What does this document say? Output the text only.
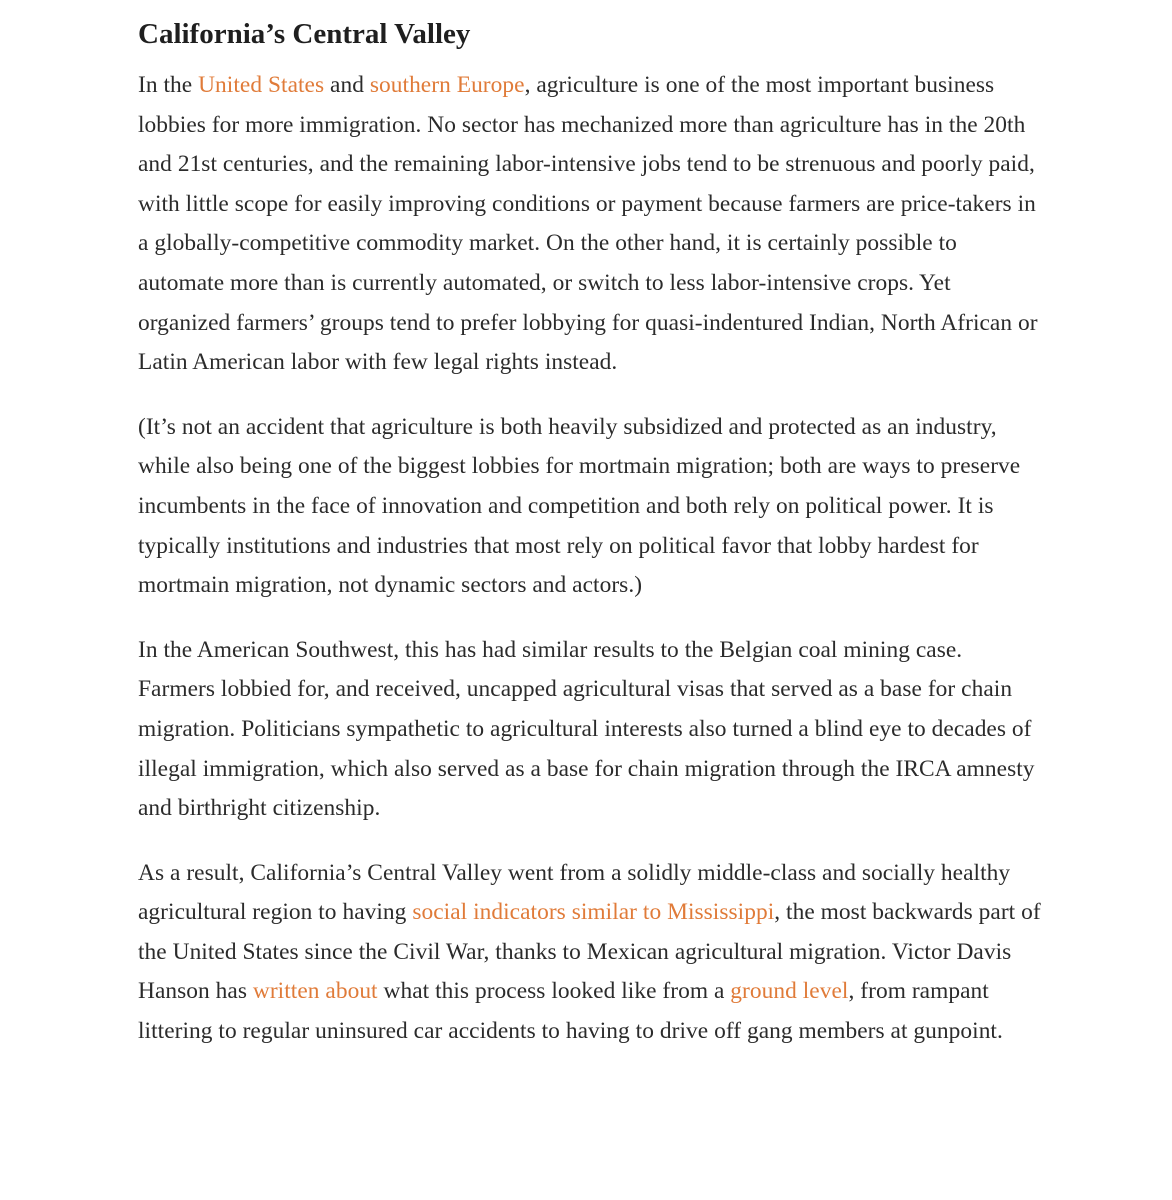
California’s Central Valley

In the United States and southern Europe, agriculture is one of the most important business lobbies for more immigration. No sector has mechanized more than agriculture has in the 20th and 21st centuries, and the remaining labor-intensive jobs tend to be strenuous and poorly paid, with little scope for easily improving conditions or payment because farmers are price-takers in a globally-competitive commodity market. On the other hand, it is certainly possible to automate more than is currently automated, or switch to less labor-intensive crops. Yet organized farmers’ groups tend to prefer lobbying for quasi-indentured Indian, North African or Latin American labor with few legal rights instead.

(It’s not an accident that agriculture is both heavily subsidized and protected as an industry, while also being one of the biggest lobbies for mortmain migration; both are ways to preserve incumbents in the face of innovation and competition and both rely on political power. It is typically institutions and industries that most rely on political favor that lobby hardest for mortmain migration, not dynamic sectors and actors.)

In the American Southwest, this has had similar results to the Belgian coal mining case. Farmers lobbied for, and received, uncapped agricultural visas that served as a base for chain migration. Politicians sympathetic to agricultural interests also turned a blind eye to decades of illegal immigration, which also served as a base for chain migration through the IRCA amnesty and birthright citizenship.

As a result, California’s Central Valley went from a solidly middle-class and socially healthy agricultural region to having social indicators similar to Mississippi, the most backwards part of the United States since the Civil War, thanks to Mexican agricultural migration. Victor Davis Hanson has written about what this process looked like from a ground level, from rampant littering to regular uninsured car accidents to having to drive off gang members at gunpoint.
